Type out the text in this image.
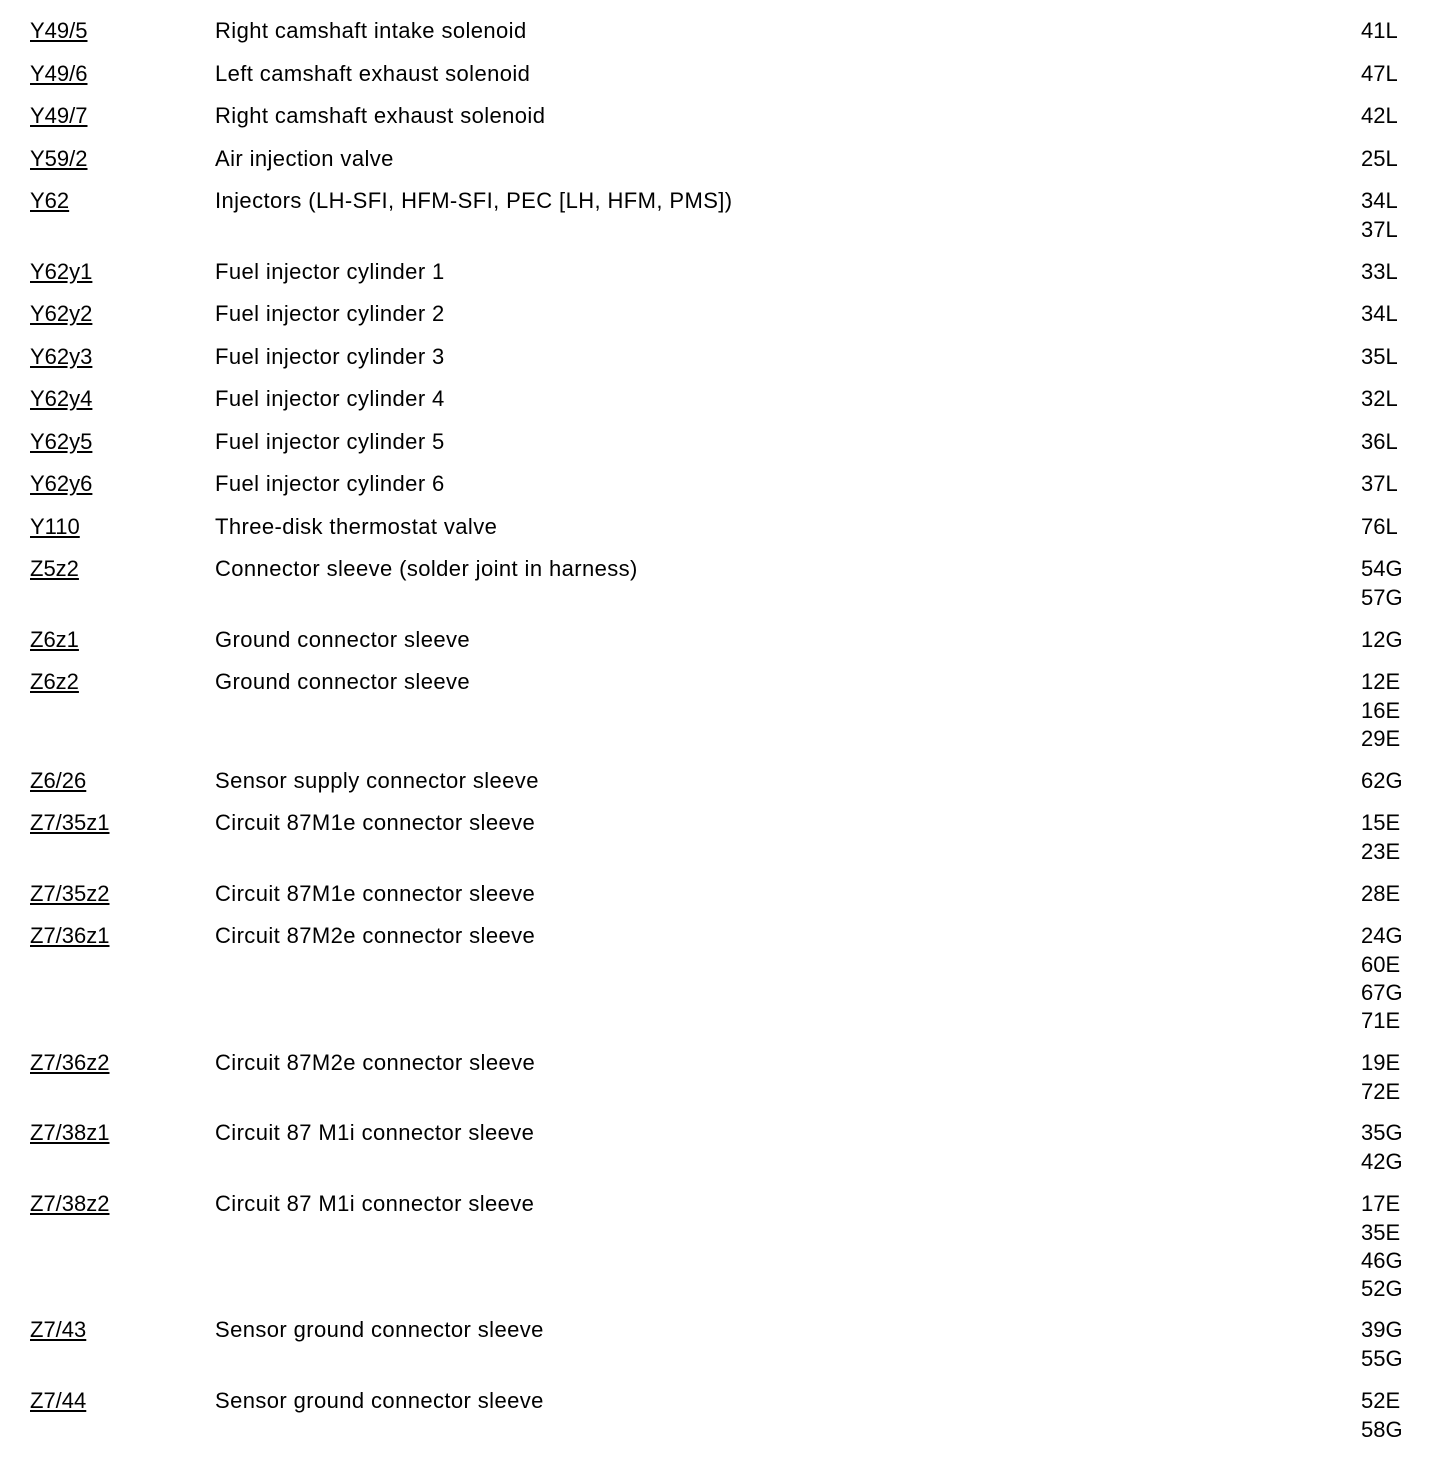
Y49/5	Right camshaft intake solenoid	41L
Y49/6	Left camshaft exhaust solenoid	47L
Y49/7	Right camshaft exhaust solenoid	42L
Y59/2	Air injection valve	25L
Y62	Injectors (LH-SFI, HFM-SFI, PEC [LH, HFM, PMS])	34L
37L
Y62y1	Fuel injector cylinder 1	33L
Y62y2	Fuel injector cylinder 2	34L
Y62y3	Fuel injector cylinder 3	35L
Y62y4	Fuel injector cylinder 4	32L
Y62y5	Fuel injector cylinder 5	36L
Y62y6	Fuel injector cylinder 6	37L
Y110	Three-disk thermostat valve	76L
Z5z2	Connector sleeve (solder joint in harness)	54G
57G
Z6z1	Ground connector sleeve	12G
Z6z2	Ground connector sleeve	12E
16E
29E
Z6/26	Sensor supply connector sleeve	62G
Z7/35z1	Circuit 87M1e connector sleeve	15E
23E
Z7/35z2	Circuit 87M1e connector sleeve	28E
Z7/36z1	Circuit 87M2e connector sleeve	24G
60E
67G
71E
Z7/36z2	Circuit 87M2e connector sleeve	19E
72E
Z7/38z1	Circuit 87 M1i connector sleeve	35G
42G
Z7/38z2	Circuit 87 M1i connector sleeve	17E
35E
46G
52G
Z7/43	Sensor ground connector sleeve	39G
55G
Z7/44	Sensor ground connector sleeve	52E
58G
